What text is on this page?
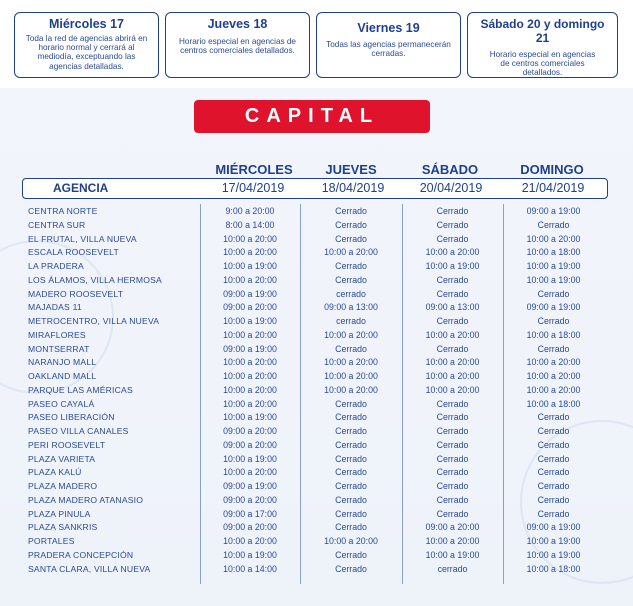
Miércoles 17
Toda la red de agencias abrirá en
horario normal y cerrará al
mediodía, exceptuando las
agencias detalladas.
Jueves 18
Horario especial en agencias de
centros comerciales detallados.
Viernes 19
Todas las agencias permanecerán
cerradas.
Sábado 20 y domingo 21
Horario especial en agencias
de centros comerciales
detallados.
CAPITAL
MIÉRCOLES	JUEVES	SÁBADO	DOMINGO
AGENCIA	17/04/2019	18/04/2019	20/04/2019	21/04/2019
CENTRA NORTE	9:00 a 20:00	Cerrado	Cerrado	09:00 a 19:00
CENTRA SUR	8:00 a 14:00	Cerrado	Cerrado	Cerrado
EL FRUTAL, VILLA NUEVA	10:00 a 20:00	Cerrado	Cerrado	10:00 a 20:00
ESCALA ROOSEVELT	10:00 a 20:00	10:00 a 20:00	10:00 a 20:00	10:00 a 18:00
LA PRADERA	10:00 a 19:00	Cerrado	10:00 a 19:00	10:00 a 19:00
LOS ÁLAMOS, VILLA HERMOSA	10:00 a 20:00	Cerrado	Cerrado	10:00 a 19:00
MADERO ROOSEVELT	09:00 a 19:00	cerrado	Cerrado	Cerrado
MAJADAS 11	09:00 a 20:00	09:00 a 13:00	09:00 a 13:00	09:00 a 19:00
METROCENTRO, VILLA NUEVA	10:00 a 19:00	cerrado	Cerrado	Cerrado
MIRAFLORES	10:00 a 20:00	10:00 a 20:00	10:00 a 20:00	10:00 a 18:00
MONTSERRAT	09:00 a 19:00	Cerrado	Cerrado	Cerrado
NARANJO MALL	10:00 a 20:00	10:00 a 20:00	10:00 a 20:00	10:00 a 20:00
OAKLAND MALL	10:00 a 20:00	10:00 a 20:00	10:00 a 20:00	10:00 a 20:00
PARQUE LAS AMÉRICAS	10:00 a 20:00	10:00 a 20:00	10:00 a 20:00	10:00 a 20:00
PASEO CAYALÁ	10:00 a 20:00	Cerrado	Cerrado	10:00 a 18:00
PASEO LIBERACIÓN	10:00 a 19:00	Cerrado	Cerrado	Cerrado
PASEO VILLA CANALES	09:00 a 20:00	Cerrado	Cerrado	Cerrado
PERI ROOSEVELT	09:00 a 20:00	Cerrado	Cerrado	Cerrado
PLAZA VARIETA	10:00 a 19:00	Cerrado	Cerrado	Cerrado
PLAZA KALÚ	10:00 a 20:00	Cerrado	Cerrado	Cerrado
PLAZA MADERO	09:00 a 19:00	Cerrado	Cerrado	Cerrado
PLAZA MADERO ATANASIO	09:00 a 20:00	Cerrado	Cerrado	Cerrado
PLAZA PINULA	09:00 a 17:00	Cerrado	Cerrado	Cerrado
PLAZA SANKRIS	09:00 a 20:00	Cerrado	09:00 a 20:00	09:00 a 19:00
PORTALES	10:00 a 20:00	10:00 a 20:00	10:00 a 20:00	10:00 a 19:00
PRADERA CONCEPCIÓN	10:00 a 19:00	Cerrado	10:00 a 19:00	10:00 a 19:00
SANTA CLARA, VILLA NUEVA	10:00 a 14:00	Cerrado	cerrado	10:00 a 18:00
